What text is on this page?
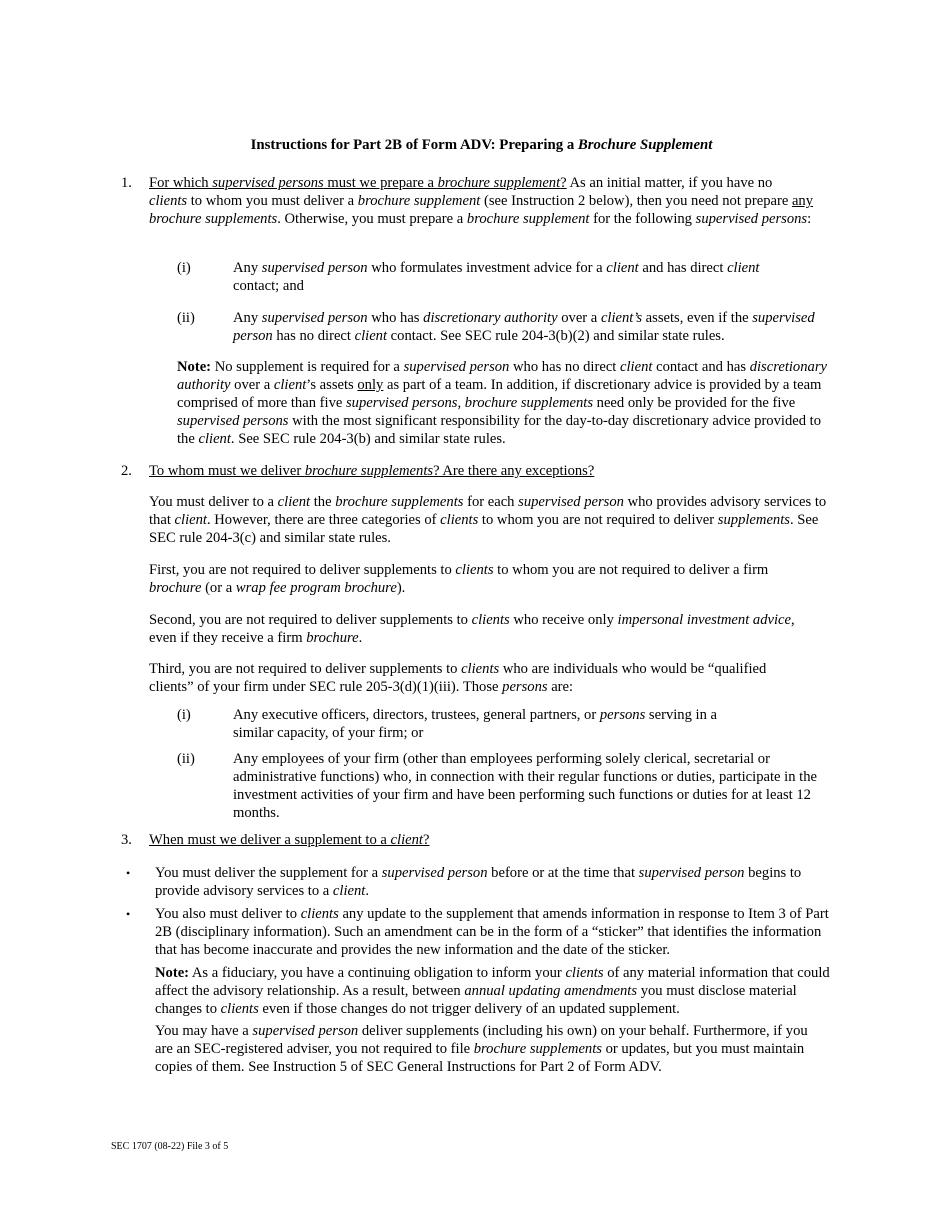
Instructions for Part 2B of Form ADV: Preparing a Brochure Supplement
1. For which supervised persons must we prepare a brochure supplement? As an initial matter, if you have no clients to whom you must deliver a brochure supplement (see Instruction 2 below), then you need not prepare any brochure supplements. Otherwise, you must prepare a brochure supplement for the following supervised persons:
(i)	Any supervised person who formulates investment advice for a client and has direct client contact; and
(ii)	Any supervised person who has discretionary authority over a client’s assets, even if the supervised person has no direct client contact. See SEC rule 204-3(b)(2) and similar state rules.
Note: No supplement is required for a supervised person who has no direct client contact and has discretionary authority over a client’s assets only as part of a team. In addition, if discretionary advice is provided by a team comprised of more than five supervised persons, brochure supplements need only be provided for the five supervised persons with the most significant responsibility for the day-to-day discretionary advice provided to the client. See SEC rule 204-3(b) and similar state rules.
2. To whom must we deliver brochure supplements? Are there any exceptions?
You must deliver to a client the brochure supplements for each supervised person who provides advisory services to that client. However, there are three categories of clients to whom you are not required to deliver supplements. See SEC rule 204-3(c) and similar state rules.
First, you are not required to deliver supplements to clients to whom you are not required to deliver a firm brochure (or a wrap fee program brochure).
Second, you are not required to deliver supplements to clients who receive only impersonal investment advice, even if they receive a firm brochure.
Third, you are not required to deliver supplements to clients who are individuals who would be “qualified clients” of your firm under SEC rule 205-3(d)(1)(iii). Those persons are:
(i)	Any executive officers, directors, trustees, general partners, or persons serving in a similar capacity, of your firm; or
(ii)	Any employees of your firm (other than employees performing solely clerical, secretarial or administrative functions) who, in connection with their regular functions or duties, participate in the investment activities of your firm and have been performing such functions or duties for at least 12 months.
3. When must we deliver a supplement to a client?
• You must deliver the supplement for a supervised person before or at the time that supervised person begins to provide advisory services to a client.
• You also must deliver to clients any update to the supplement that amends information in response to Item 3 of Part 2B (disciplinary information). Such an amendment can be in the form of a “sticker” that identifies the information that has become inaccurate and provides the new information and the date of the sticker.
Note: As a fiduciary, you have a continuing obligation to inform your clients of any material information that could affect the advisory relationship. As a result, between annual updating amendments you must disclose material changes to clients even if those changes do not trigger delivery of an updated supplement.
You may have a supervised person deliver supplements (including his own) on your behalf. Furthermore, if you are an SEC-registered adviser, you not required to file brochure supplements or updates, but you must maintain copies of them. See Instruction 5 of SEC General Instructions for Part 2 of Form ADV.
SEC 1707 (08-22) File 3 of 5
